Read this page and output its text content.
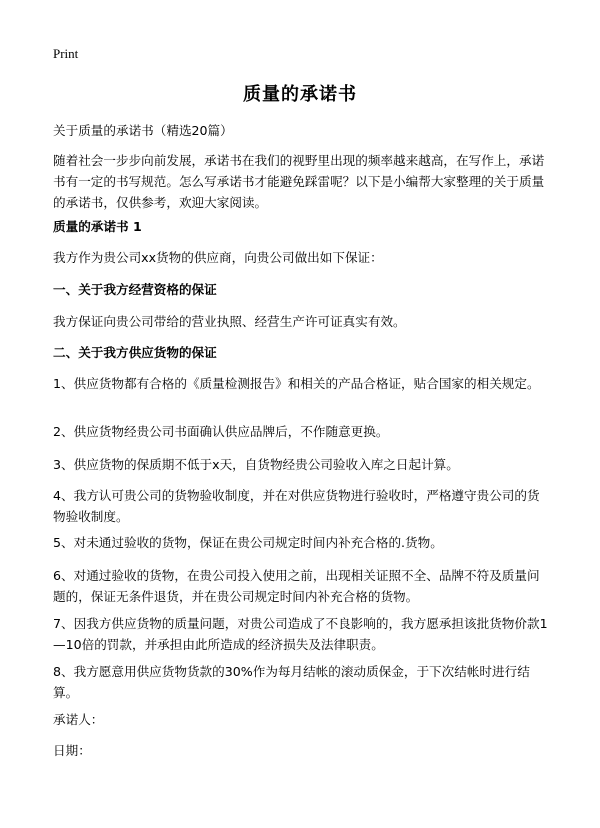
Print
质量的承诺书
关于质量的承诺书（精选20篇）
随着社会一步步向前发展，承诺书在我们的视野里出现的频率越来越高，在写作上，承诺书有一定的书写规范。怎么写承诺书才能避免踩雷呢？以下是小编帮大家整理的关于质量的承诺书，仅供参考，欢迎大家阅读。
质量的承诺书 1
我方作为贵公司xx货物的供应商，向贵公司做出如下保证：
一、关于我方经营资格的保证
我方保证向贵公司带给的营业执照、经营生产许可证真实有效。
二、关于我方供应货物的保证
1、供应货物都有合格的《质量检测报告》和相关的产品合格证，贴合国家的相关规定。
2、供应货物经贵公司书面确认供应品牌后，不作随意更换。
3、供应货物的保质期不低于x天，自货物经贵公司验收入库之日起计算。
4、我方认可贵公司的货物验收制度，并在对供应货物进行验收时，严格遵守贵公司的货物验收制度。
5、对未通过验收的货物，保证在贵公司规定时间内补充合格的.货物。
6、对通过验收的货物，在贵公司投入使用之前，出现相关证照不全、品牌不符及质量问题的，保证无条件退货，并在贵公司规定时间内补充合格的货物。
7、因我方供应货物的质量问题，对贵公司造成了不良影响的，我方愿承担该批货物价款1—10倍的罚款，并承担由此所造成的经济损失及法律职责。
8、我方愿意用供应货物货款的30%作为每月结帐的滚动质保金，于下次结帐时进行结算。
承诺人：
日期：
